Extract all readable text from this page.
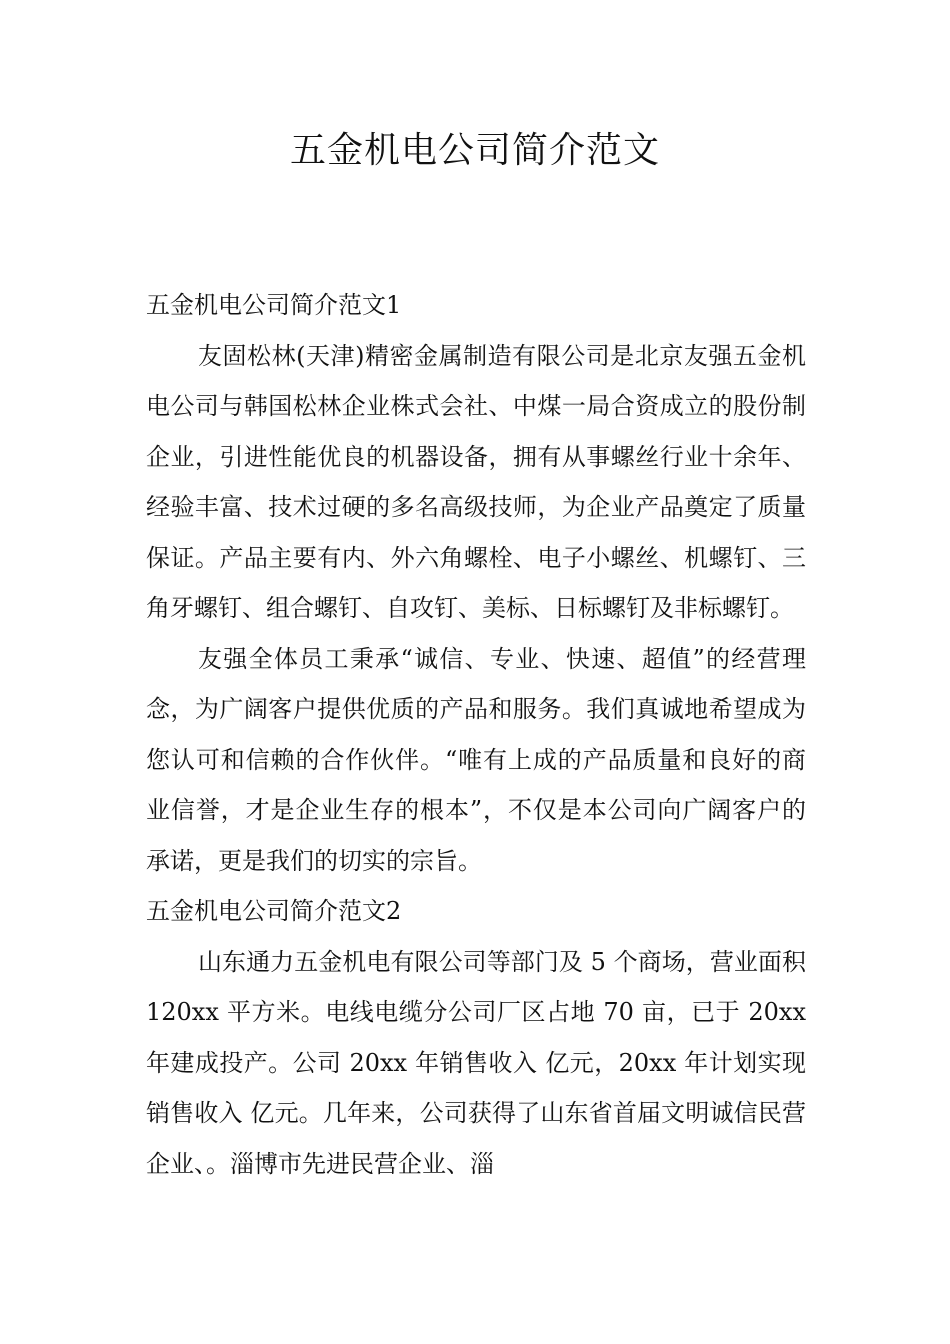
五金机电公司简介范文
五金机电公司简介范文1

友固松林(天津)精密金属制造有限公司是北京友强五金机电公司与韩国松林企业株式会社、中煤一局合资成立的股份制企业，引进性能优良的机器设备，拥有从事螺丝行业十余年、经验丰富、技术过硬的多名高级技师，为企业产品奠定了质量保证。产品主要有内、外六角螺栓、电子小螺丝、机螺钉、三角牙螺钉、组合螺钉、自攻钉、美标、日标螺钉及非标螺钉。

友强全体员工秉承“诚信、专业、快速、超值”的经营理念，为广阔客户提供优质的产品和服务。我们真诚地希望成为您认可和信赖的合作伙伴。“唯有上成的产品质量和良好的商业信誉，才是企业生存的根本”，不仅是本公司向广阔客户的承诺，更是我们的切实的宗旨。

五金机电公司简介范文2

山东通力五金机电有限公司等部门及 5 个商场，营业面积 120xx 平方米。电线电缆分公司厂区占地 70 亩，已于 20xx 年建成投产。公司 20xx 年销售收入 亿元，20xx 年计划实现销售收入 亿元。几年来，公司获得了山东省首届文明诚信民营企业、。淄博市先进民营企业、淄
